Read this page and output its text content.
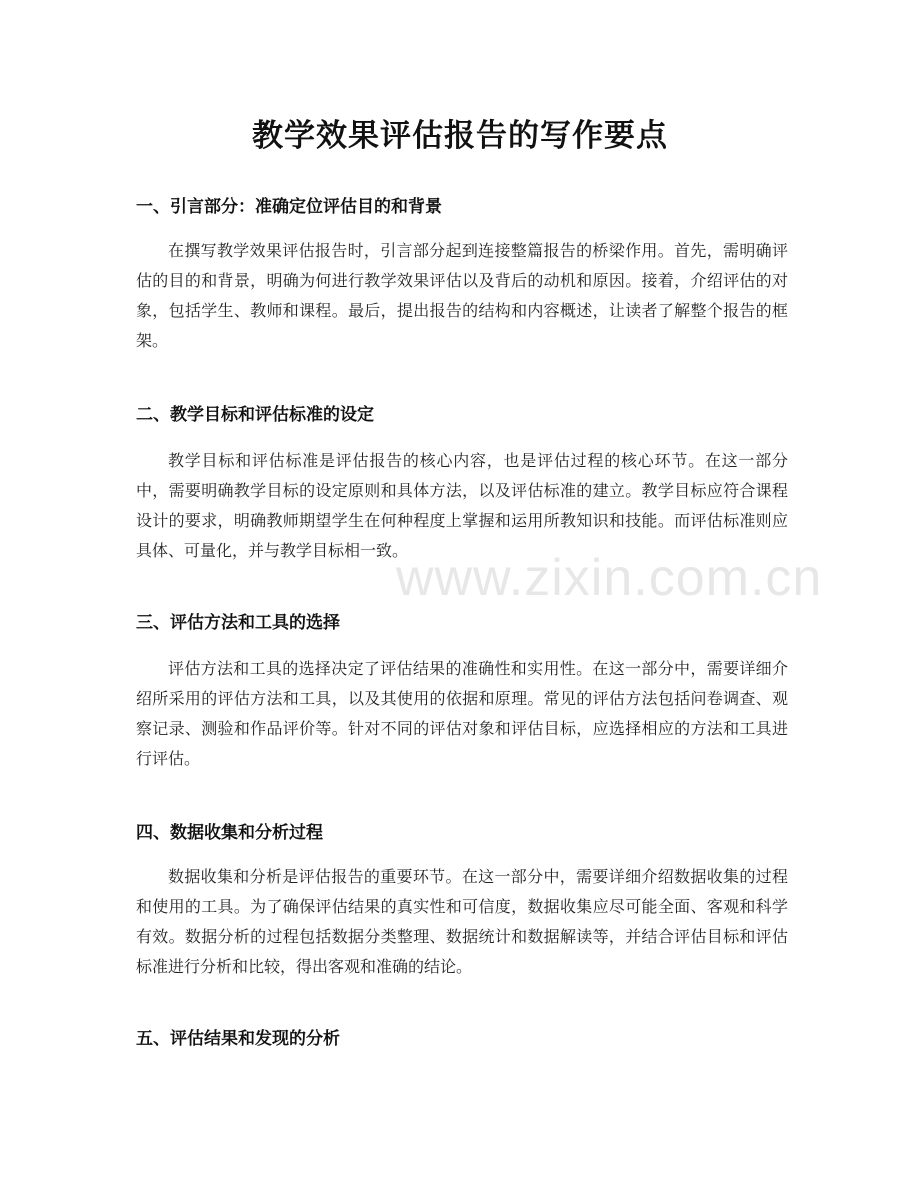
教学效果评估报告的写作要点
一、引言部分：准确定位评估目的和背景

在撰写教学效果评估报告时，引言部分起到连接整篇报告的桥梁作用。首先，需明确评估的目的和背景，明确为何进行教学效果评估以及背后的动机和原因。接着，介绍评估的对象，包括学生、教师和课程。最后，提出报告的结构和内容概述，让读者了解整个报告的框架。

二、教学目标和评估标准的设定

教学目标和评估标准是评估报告的核心内容，也是评估过程的核心环节。在这一部分中，需要明确教学目标的设定原则和具体方法，以及评估标准的建立。教学目标应符合课程设计的要求，明确教师期望学生在何种程度上掌握和运用所教知识和技能。而评估标准则应具体、可量化，并与教学目标相一致。

三、评估方法和工具的选择

评估方法和工具的选择决定了评估结果的准确性和实用性。在这一部分中，需要详细介绍所采用的评估方法和工具，以及其使用的依据和原理。常见的评估方法包括问卷调查、观察记录、测验和作品评价等。针对不同的评估对象和评估目标，应选择相应的方法和工具进行评估。

四、数据收集和分析过程

数据收集和分析是评估报告的重要环节。在这一部分中，需要详细介绍数据收集的过程和使用的工具。为了确保评估结果的真实性和可信度，数据收集应尽可能全面、客观和科学有效。数据分析的过程包括数据分类整理、数据统计和数据解读等，并结合评估目标和评估标准进行分析和比较，得出客观和准确的结论。

五、评估结果和发现的分析
www.zixin.com.cn
